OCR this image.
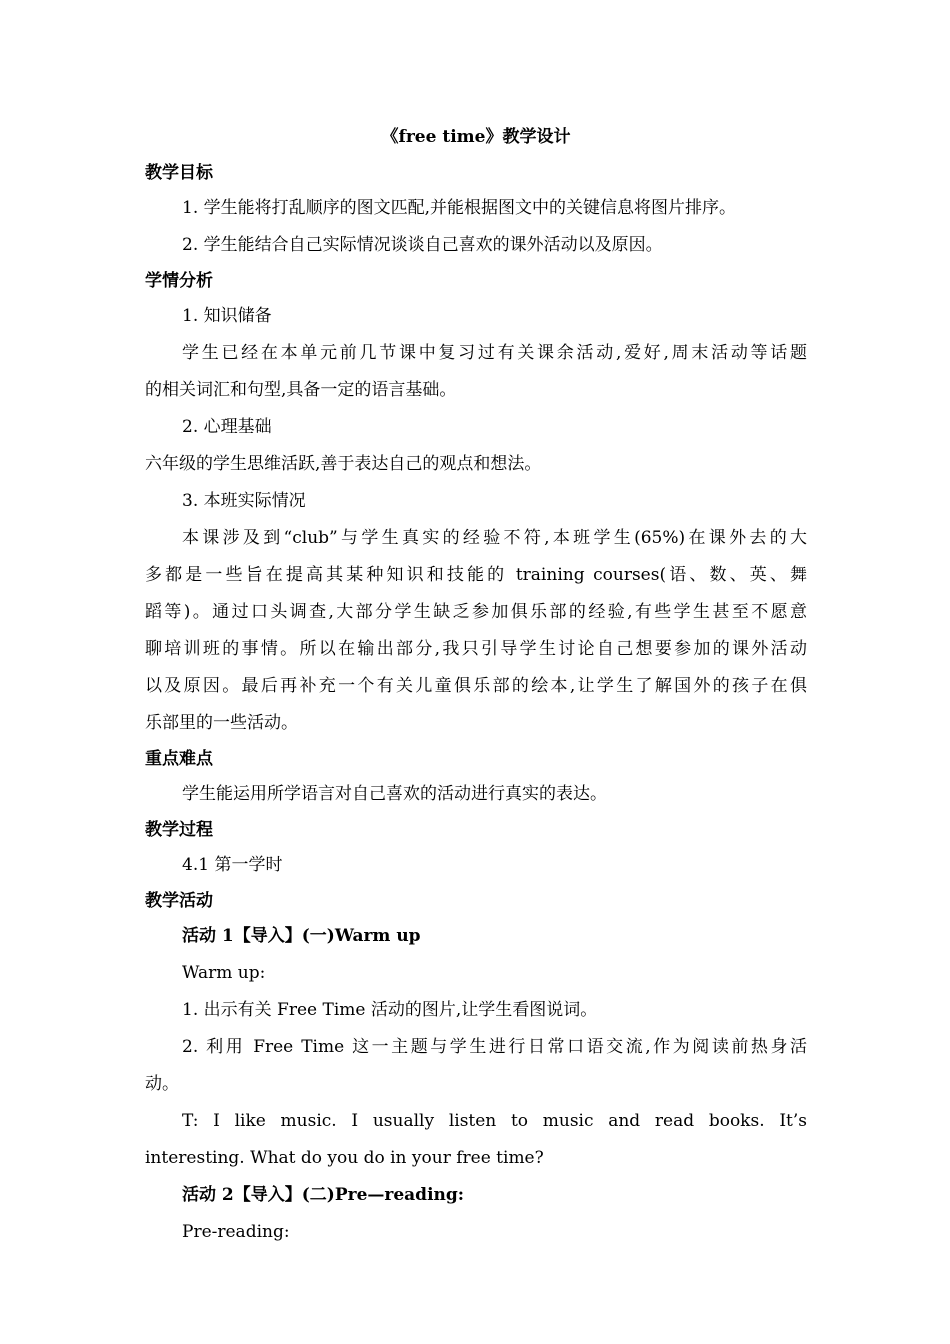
《free time》教学设计
教学目标
1. 学生能将打乱顺序的图文匹配,并能根据图文中的关键信息将图片排序。
2. 学生能结合自己实际情况谈谈自己喜欢的课外活动以及原因。
学情分析
1. 知识储备
学生已经在本单元前几节课中复习过有关课余活动,爱好,周末活动等话题
的相关词汇和句型,具备一定的语言基础。
2. 心理基础
六年级的学生思维活跃,善于表达自己的观点和想法。
3. 本班实际情况
本课涉及到“club”与学生真实的经验不符,本班学生(65%)在课外去的大
多都是一些旨在提高其某种知识和技能的 training courses(语、数、英、舞
蹈等)。通过口头调查,大部分学生缺乏参加俱乐部的经验,有些学生甚至不愿意
聊培训班的事情。所以在输出部分,我只引导学生讨论自己想要参加的课外活动
以及原因。最后再补充一个有关儿童俱乐部的绘本,让学生了解国外的孩子在俱
乐部里的一些活动。
重点难点
学生能运用所学语言对自己喜欢的活动进行真实的表达。
教学过程
4.1 第一学时
教学活动
活动 1【导入】(一)Warm up
Warm up:
1. 出示有关 Free Time 活动的图片,让学生看图说词。
2. 利用 Free Time 这一主题与学生进行日常口语交流,作为阅读前热身活
动。
T: I like music. I usually listen to music and read books. It’s
interesting. What do you do in your free time?
活动 2【导入】(二)Pre—reading:
Pre-reading:
